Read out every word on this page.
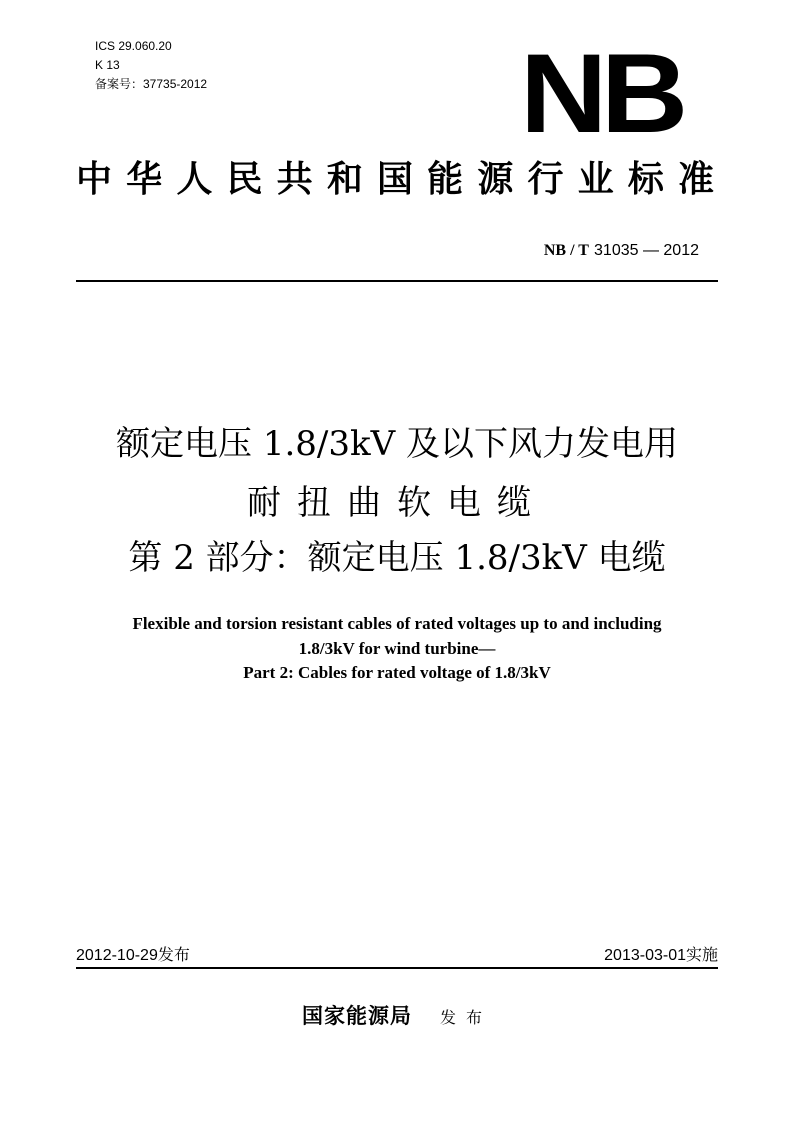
ICS 29.060.20
K 13
备案号：37735-2012	NB
中华人民共和国能源行业标准
NB / T 31035 — 2012
额定电压 1.8/3kV 及以下风力发电用
耐扭曲软电缆
第 2 部分：额定电压 1.8/3kV 电缆
Flexible and torsion resistant cables of rated voltages up to and including
1.8/3kV for wind turbine—
Part 2: Cables for rated voltage of 1.8/3kV
2012-10-29发布	2013-03-01实施
国家能源局 发布
